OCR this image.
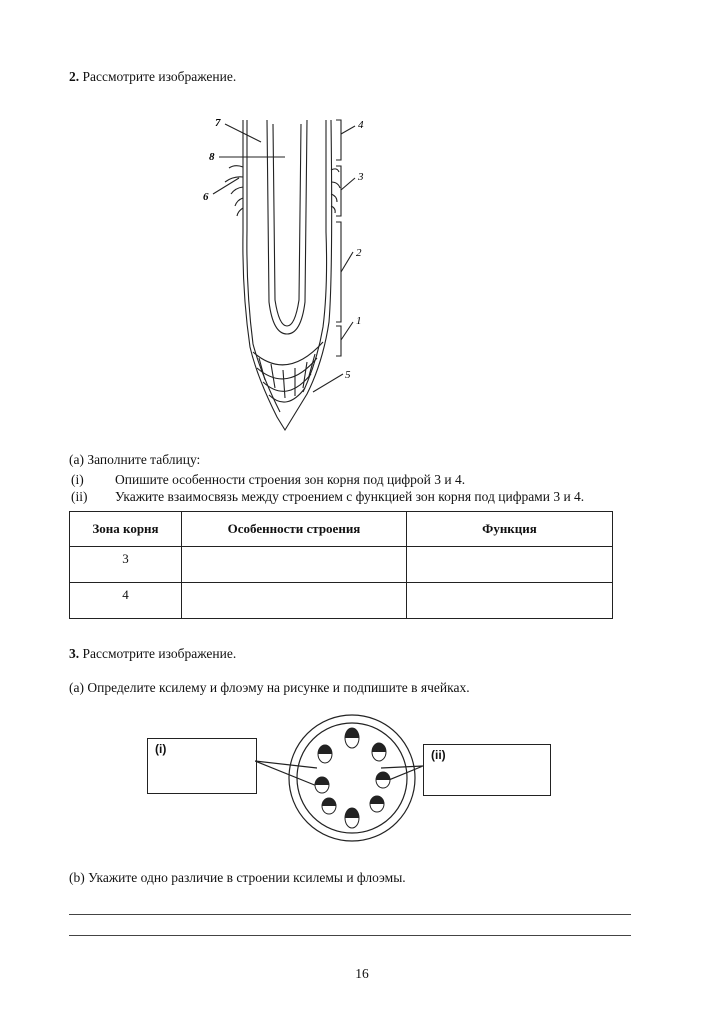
2. Рассмотрите изображение.
7
8
6
4
3
2
1
5
(a) Заполните таблицу:
(i) Опишите особенности строения зон корня под цифрой 3 и 4.
(ii) Укажите взаимосвязь между строением с функцией зон корня под цифрами 3 и 4.
Зона корня	Особенности строения	Функция
3		
4		
3. Рассмотрите изображение.
(a) Определите ксилему и флоэму на рисунке и подпишите в ячейках.
(i)	(ii)
(b) Укажите одно различие в строении ксилемы и флоэмы.
16
